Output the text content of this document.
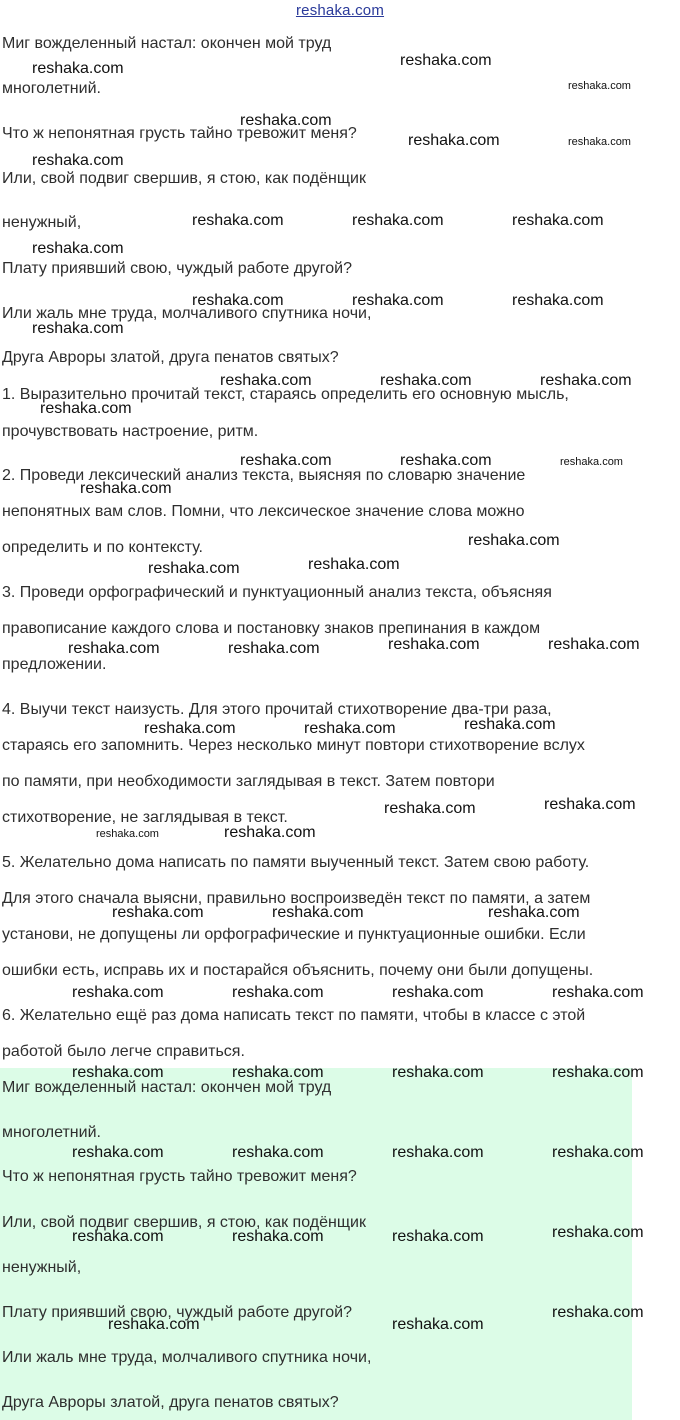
reshaka.com
Миг вожделенный настал: окончен мой труд
многолетний.
Что ж непонятная грусть тайно тревожит меня?
Или, свой подвиг свершив, я стою, как подёнщик
ненужный,
Плату приявший свою, чуждый работе другой?
Или жаль мне труда, молчаливого спутника ночи,
Друга Авроры златой, друга пенатов святых?
1. Выразительно прочитай текст, стараясь определить его основную мысль,
прочувствовать настроение, ритм.
2. Проведи лексический анализ текста, выясняя по словарю значение
непонятных вам слов. Помни, что лексическое значение слова можно
определить и по контексту.
3. Проведи орфографический и пунктуационный анализ текста, объясняя
правописание каждого слова и постановку знаков препинания в каждом
предложении.
4. Выучи текст наизусть. Для этого прочитай стихотворение два-три раза,
стараясь его запомнить. Через несколько минут повтори стихотворение вслух
по памяти, при необходимости заглядывая в текст. Затем повтори
стихотворение, не заглядывая в текст.
5. Желательно дома написать по памяти выученный текст. Затем свою работу.
Для этого сначала выясни, правильно воспроизведён текст по памяти, а затем
установи, не допущены ли орфографические и пунктуационные ошибки. Если
ошибки есть, исправь их и постарайся объяснить, почему они были допущены.
6. Желательно ещё раз дома написать текст по памяти, чтобы в классе с этой
работой было легче справиться.
Миг вожделенный настал: окончен мой труд
многолетний.
Что ж непонятная грусть тайно тревожит меня?
Или, свой подвиг свершив, я стою, как подёнщик
ненужный,
Плату приявший свою, чуждый работе другой?
Или жаль мне труда, молчаливого спутника ночи,
Друга Авроры златой, друга пенатов святых?
reshaka.com	reshaka.com
reshaka.com
reshaka.com
reshaka.com	reshaka.com
reshaka.com
reshaka.com	reshaka.com	reshaka.com
reshaka.com
reshaka.com	reshaka.com	reshaka.com
reshaka.com
reshaka.com	reshaka.com	reshaka.com
reshaka.com
reshaka.com	reshaka.com	reshaka.com
reshaka.com
reshaka.com
reshaka.com
reshaka.com
reshaka.com	reshaka.com	reshaka.com	reshaka.com
reshaka.com	reshaka.com	reshaka.com
reshaka.com	reshaka.com
reshaka.com	reshaka.com
reshaka.com	reshaka.com	reshaka.com
reshaka.com	reshaka.com	reshaka.com	reshaka.com
reshaka.com	reshaka.com	reshaka.com	reshaka.com
reshaka.com	reshaka.com	reshaka.com	reshaka.com
reshaka.com	reshaka.com	reshaka.com	reshaka.com
reshaka.com
reshaka.com	reshaka.com
